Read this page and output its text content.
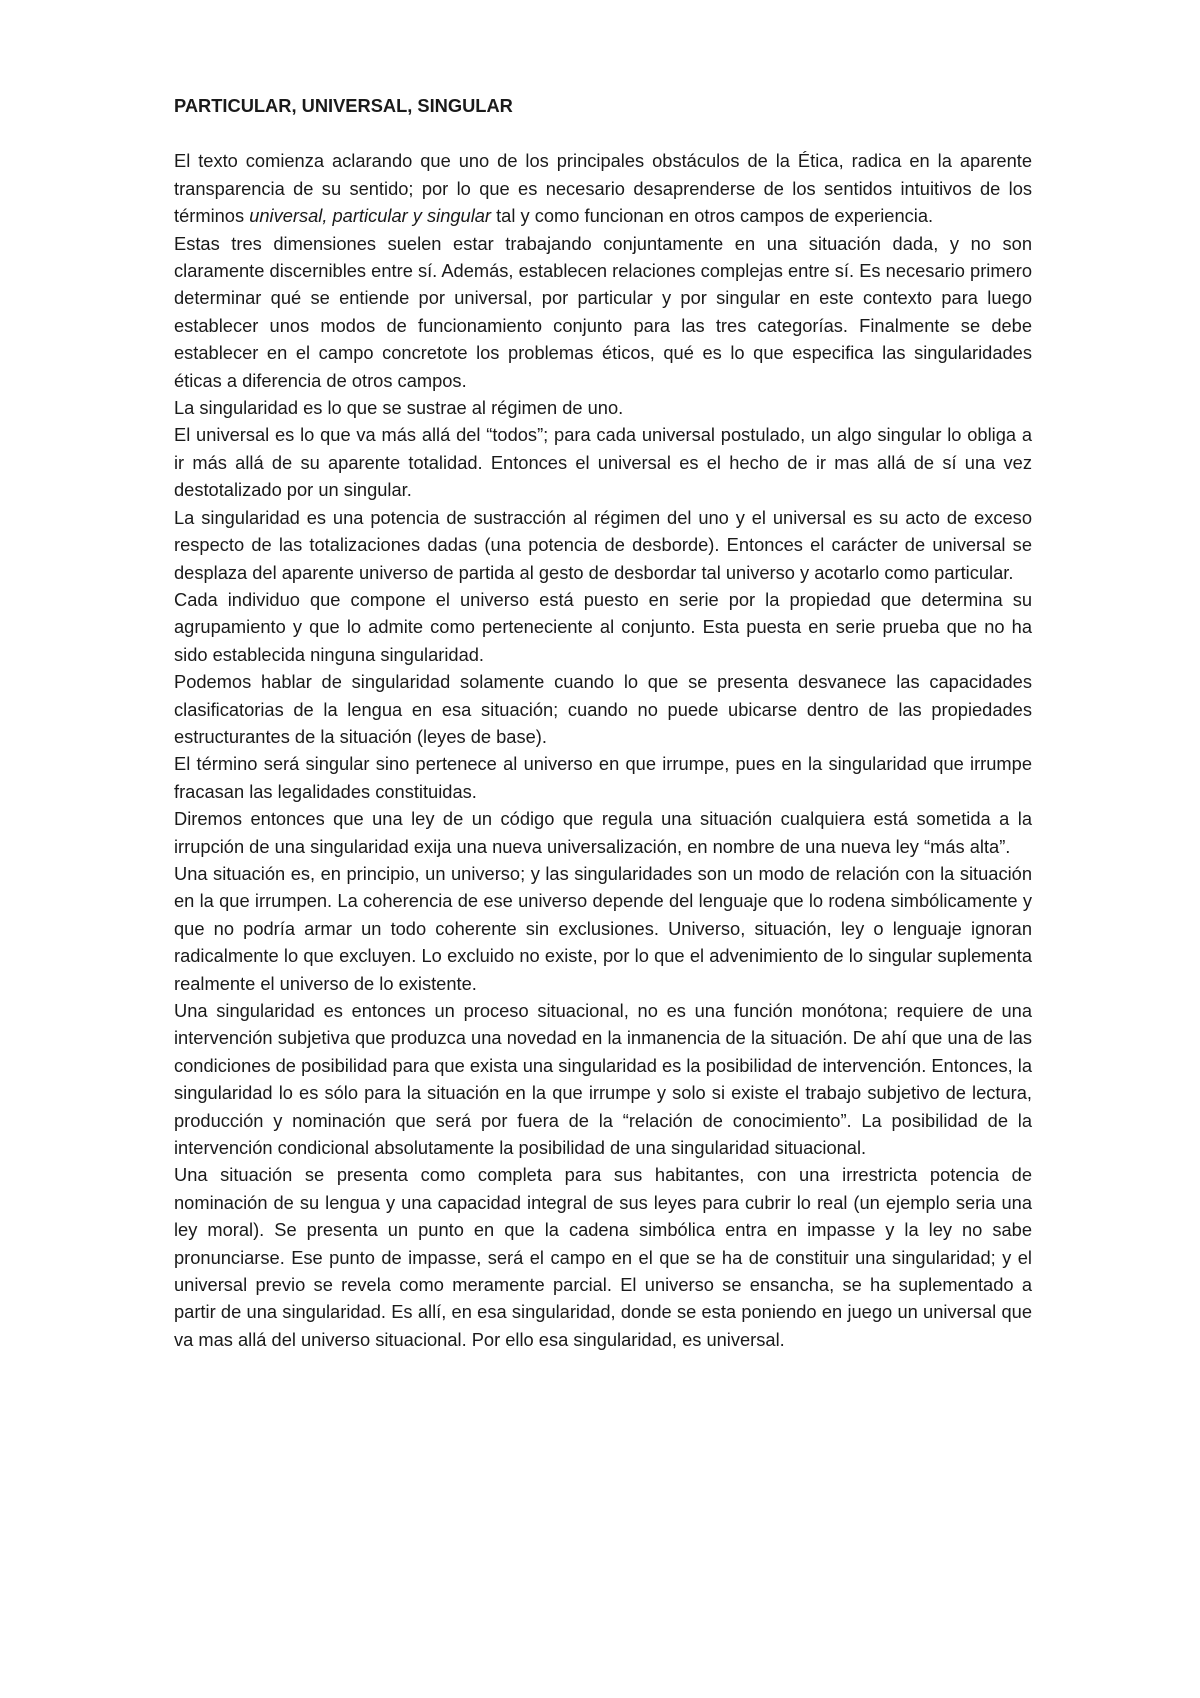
PARTICULAR, UNIVERSAL, SINGULAR

El texto comienza aclarando que uno de los principales obstáculos de la Ética, radica en la aparente transparencia de su sentido; por lo que es necesario desaprenderse de los sentidos intuitivos de los términos universal, particular y singular tal y como funcionan en otros campos de experiencia.

Estas tres dimensiones suelen estar trabajando conjuntamente en una situación dada, y no son claramente discernibles entre sí. Además, establecen relaciones complejas entre sí. Es necesario primero determinar qué se entiende por universal, por particular y por singular en este contexto para luego establecer unos modos de funcionamiento conjunto para las tres categorías. Finalmente se debe establecer en el campo concretote los problemas éticos, qué es lo que especifica las singularidades éticas a diferencia de otros campos.

La singularidad es lo que se sustrae al régimen de uno.

El universal es lo que va más allá del “todos”; para cada universal postulado, un algo singular lo obliga a ir más allá de su aparente totalidad. Entonces el universal es el hecho de ir mas allá de sí una vez destotalizado por un singular.

La singularidad es una potencia de sustracción al régimen del uno y el universal es su acto de exceso respecto de las totalizaciones dadas (una potencia de desborde). Entonces el carácter de universal se desplaza del aparente universo de partida al gesto de desbordar tal universo y acotarlo como particular.

Cada individuo que compone el universo está puesto en serie por la propiedad que determina su agrupamiento y que lo admite como perteneciente al conjunto. Esta puesta en serie prueba que no ha sido establecida ninguna singularidad.

Podemos hablar de singularidad solamente cuando lo que se presenta desvanece las capacidades clasificatorias de la lengua en esa situación; cuando no puede ubicarse dentro de las propiedades estructurantes de la situación (leyes de base).

El término será singular sino pertenece al universo en que irrumpe, pues en la singularidad que irrumpe fracasan las legalidades constituidas.

Diremos entonces que una ley de un código que regula una situación cualquiera está sometida a la irrupción de una singularidad exija una nueva universalización, en nombre de una nueva ley “más alta”.

Una situación es, en principio, un universo; y las singularidades son un modo de relación con la situación en la que irrumpen. La coherencia de ese universo depende del lenguaje que lo rodena simbólicamente y que no podría armar un todo coherente sin exclusiones. Universo, situación, ley o lenguaje ignoran radicalmente lo que excluyen. Lo excluido no existe, por lo que el advenimiento de lo singular suplementa realmente el universo de lo existente.

Una singularidad es entonces un proceso situacional, no es una función monótona; requiere de una intervención subjetiva que produzca una novedad en la inmanencia de la situación. De ahí que una de las condiciones de posibilidad para que exista una singularidad es la posibilidad de intervención. Entonces, la singularidad lo es sólo para la situación en la que irrumpe y solo si existe el trabajo subjetivo de lectura, producción y nominación que será por fuera de la “relación de conocimiento”. La posibilidad de la intervención condicional absolutamente la posibilidad de una singularidad situacional.

Una situación se presenta como completa para sus habitantes, con una irrestricta potencia de nominación de su lengua y una capacidad integral de sus leyes para cubrir lo real (un ejemplo seria una ley moral). Se presenta un punto en que la cadena simbólica entra en impasse y la ley no sabe pronunciarse. Ese punto de impasse, será el campo en el que se ha de constituir una singularidad; y el universal previo se revela como meramente parcial. El universo se ensancha, se ha suplementado a partir de una singularidad. Es allí, en esa singularidad, donde se esta poniendo en juego un universal que va mas allá del universo situacional. Por ello esa singularidad, es universal.
